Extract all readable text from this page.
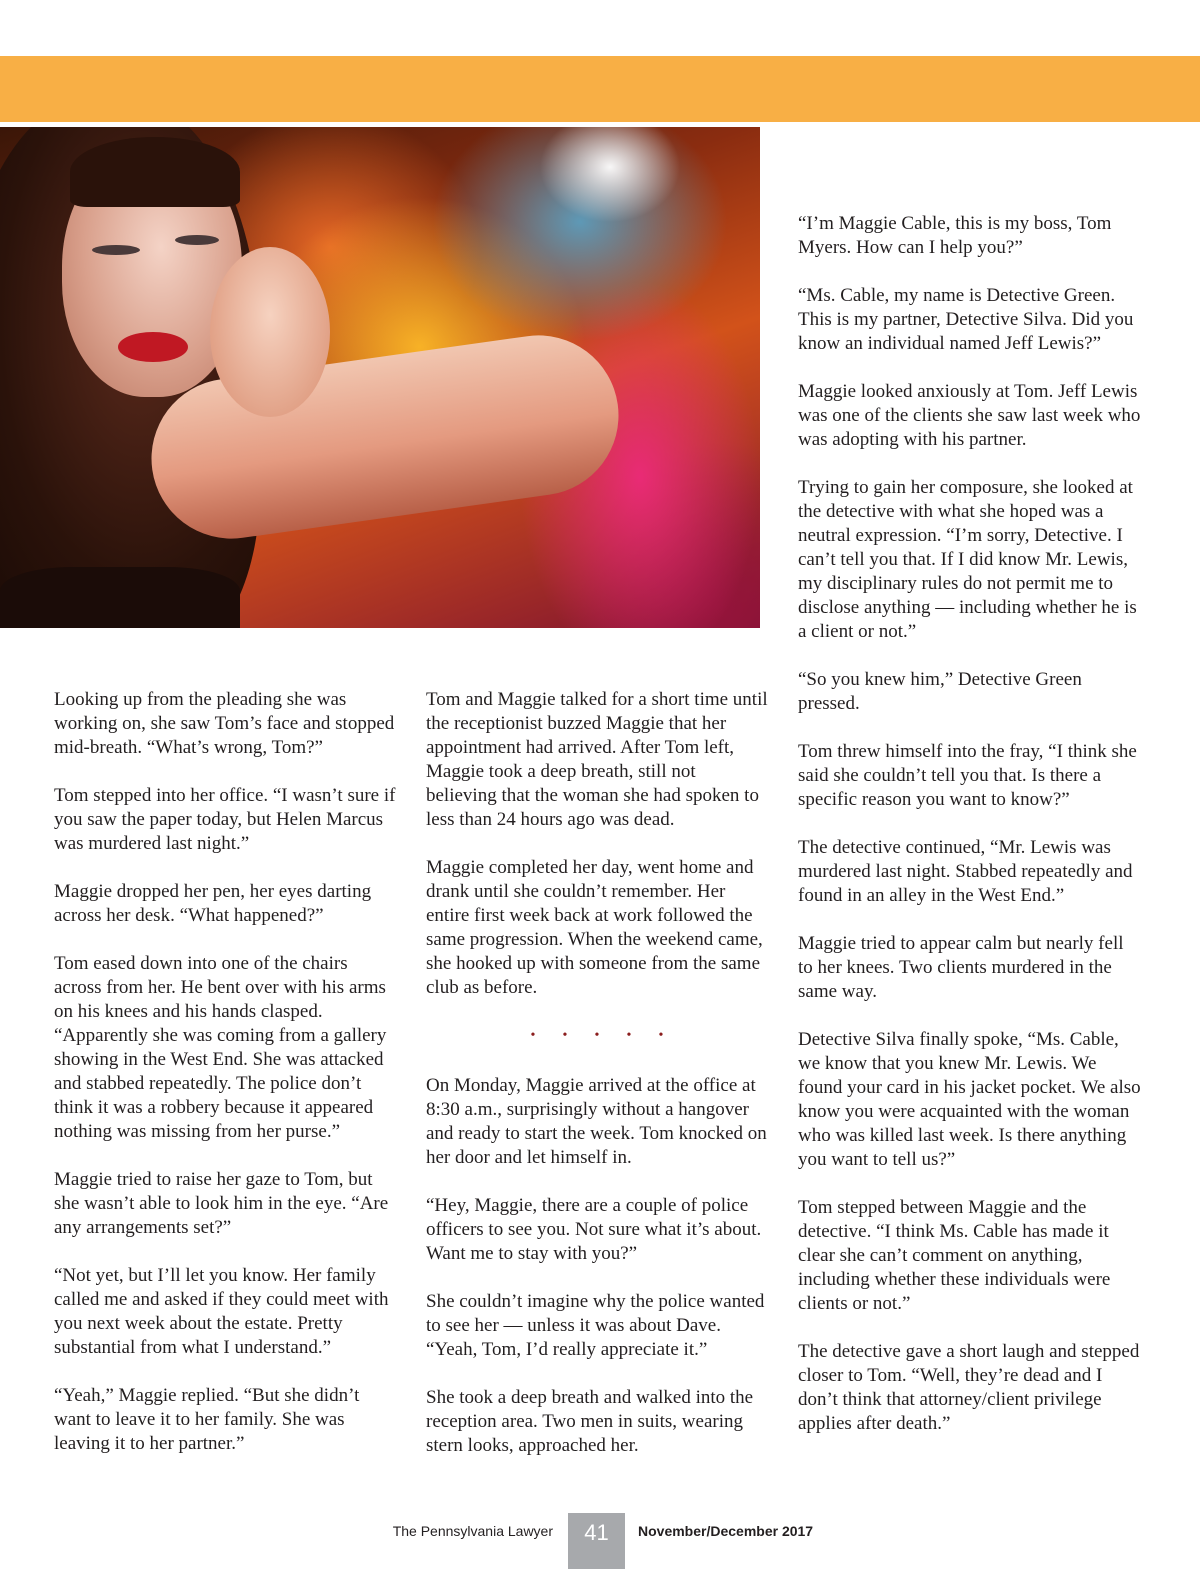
Looking up from the pleading she was working on, she saw Tom’s face and stopped mid-breath. “What’s wrong, Tom?”

Tom stepped into her office. “I wasn’t sure if you saw the paper today, but Helen Marcus was murdered last night.”

Maggie dropped her pen, her eyes darting across her desk. “What happened?”

Tom eased down into one of the chairs across from her. He bent over with his arms on his knees and his hands clasped. “Apparently she was coming from a gallery showing in the West End. She was attacked and stabbed repeatedly. The police don’t think it was a robbery because it appeared nothing was missing from her purse.”

Maggie tried to raise her gaze to Tom, but she wasn’t able to look him in the eye. “Are any arrangements set?”

“Not yet, but I’ll let you know. Her family called me and asked if they could meet with you next week about the estate. Pretty substantial from what I understand.”

“Yeah,” Maggie replied. “But she didn’t want to leave it to her family. She was leaving it to her partner.”

Tom and Maggie talked for a short time until the receptionist buzzed Maggie that her appointment had arrived. After Tom left, Maggie took a deep breath, still not believing that the woman she had spoken to less than 24 hours ago was dead.

Maggie completed her day, went home and drank until she couldn’t remember. Her entire first week back at work followed the same progression. When the weekend came, she hooked up with someone from the same club as before.

• • • • •

On Monday, Maggie arrived at the office at 8:30 a.m., surprisingly without a hangover and ready to start the week. Tom knocked on her door and let himself in.

“Hey, Maggie, there are a couple of police officers to see you. Not sure what it’s about. Want me to stay with you?”

She couldn’t imagine why the police wanted to see her — unless it was about Dave. “Yeah, Tom, I’d really appreciate it.”

She took a deep breath and walked into the reception area. Two men in suits, wearing stern looks, approached her.

“I’m Maggie Cable, this is my boss, Tom Myers. How can I help you?”

“Ms. Cable, my name is Detective Green. This is my partner, Detective Silva. Did you know an individual named Jeff Lewis?”

Maggie looked anxiously at Tom. Jeff Lewis was one of the clients she saw last week who was adopting with his partner.

Trying to gain her composure, she looked at the detective with what she hoped was a neutral expression. “I’m sorry, Detective. I can’t tell you that. If I did know Mr. Lewis, my disciplinary rules do not permit me to disclose anything — including whether he is a client or not.”

“So you knew him,” Detective Green pressed.

Tom threw himself into the fray, “I think she said she couldn’t tell you that. Is there a specific reason you want to know?”

The detective continued, “Mr. Lewis was murdered last night. Stabbed repeatedly and found in an alley in the West End.”

Maggie tried to appear calm but nearly fell to her knees. Two clients murdered in the same way.

Detective Silva finally spoke, “Ms. Cable, we know that you knew Mr. Lewis. We found your card in his jacket pocket. We also know you were acquainted with the woman who was killed last week. Is there anything you want to tell us?”

Tom stepped between Maggie and the detective. “I think Ms. Cable has made it clear she can’t comment on anything, including whether these individuals were clients or not.”

The detective gave a short laugh and stepped closer to Tom. “Well, they’re dead and I don’t think that attorney/client privilege applies after death.”

The Pennsylvania Lawyer	41	November/December 2017
